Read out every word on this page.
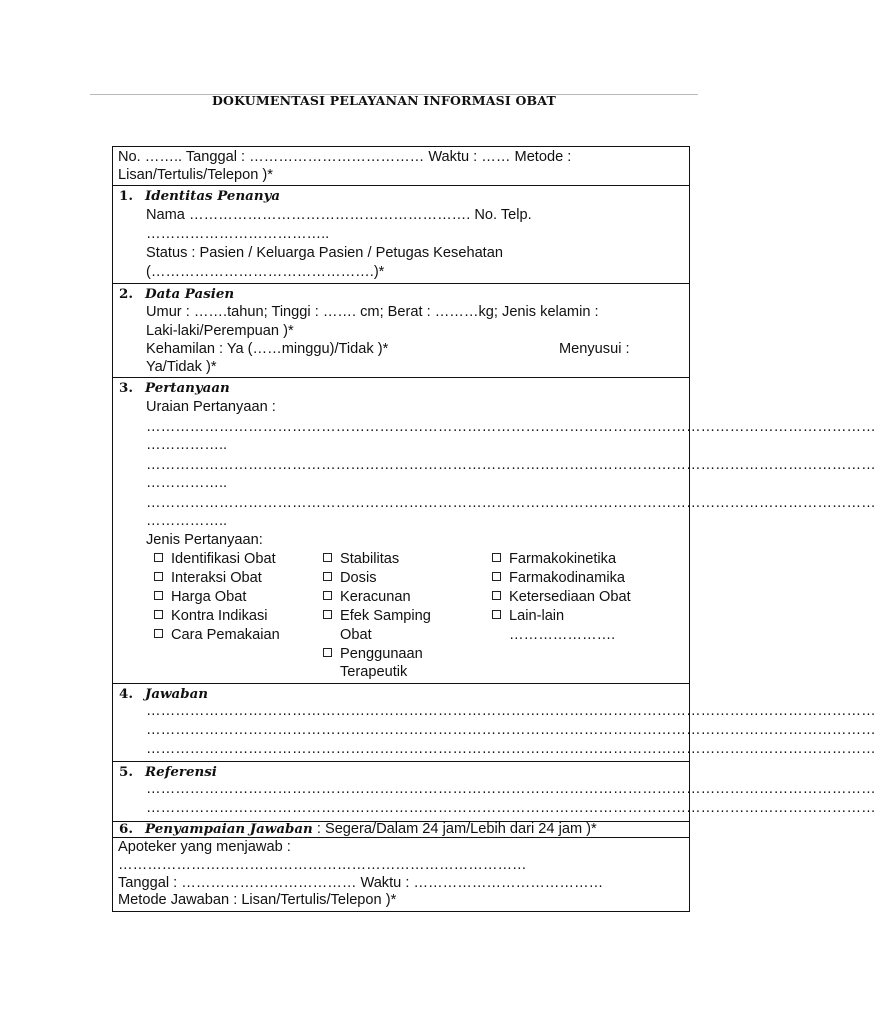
DOKUMENTASI PELAYANAN INFORMASI OBAT
No. …….. Tanggal : ……………………………… Waktu : …… Metode :
Lisan/Tertulis/Telepon )*
1. Identitas Penanya
Nama …………………………………………………. No. Telp.
………………………………..
Status : Pasien / Keluarga Pasien / Petugas Kesehatan
(……………………………………….)*
2. Data Pasien
Umur : …….tahun; Tinggi : ……. cm; Berat : ………kg; Jenis kelamin :
Laki-laki/Perempuan )*
Kehamilan : Ya (……minggu)/Tidak )*	Menyusui :
Ya/Tidak )*
3. Pertanyaan
Uraian Pertanyaan :
……………………………………………………………………………………………………………………………………
……………..
……………………………………………………………………………………………………………………………………
……………..
……………………………………………………………………………………………………………………………………
……………..
Jenis Pertanyaan:
Identifikasi Obat
Interaksi Obat
Harga Obat
Kontra Indikasi
Cara Pemakaian
Stabilitas
Dosis
Keracunan
Efek Samping
Obat
Penggunaan
Terapeutik
Farmakokinetika
Farmakodinamika
Ketersediaan Obat
Lain-lain
………………….
4. Jawaban
……………………………………………………………………………………………………………………………………
……………………………………………………………………………………………………………………………………
……………………………………………………………………………………………………………………………………
5. Referensi
……………………………………………………………………………………………………………………………………
……………………………………………………………………………………………………………………………………
6. Penyampaian Jawaban : Segera/Dalam 24 jam/Lebih dari 24 jam )*
Apoteker yang menjawab :
…………………………………………………………………………
Tanggal : ……………………………… Waktu : …………………………………
Metode Jawaban : Lisan/Tertulis/Telepon )*
